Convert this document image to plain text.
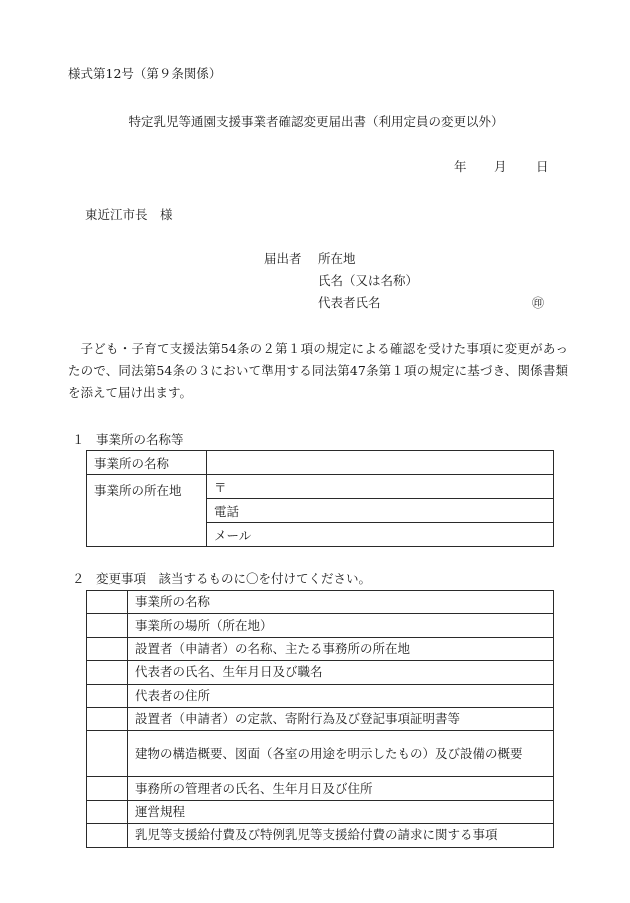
様式第12号（第９条関係）
特定乳児等通園支援事業者確認変更届出書（利用定員の変更以外）
年 月 日
東近江市長　様
届出者 所在地
氏名（又は名称）
代表者氏名	㊞
子ども・子育て支援法第54条の２第１項の規定による確認を受けた事項に変更があったので、同法第54条の３において準用する同法第47条第１項の規定に基づき、関係書類を添えて届け出ます。
１ 事業所の名称等
事業所の名称	
事業所の所在地	〒
	電話
	メール
２ 変更事項　該当するものに〇を付けてください。
	事業所の名称
	事業所の場所（所在地）
	設置者（申請者）の名称、主たる事務所の所在地
	代表者の氏名、生年月日及び職名
	代表者の住所
	設置者（申請者）の定款、寄附行為及び登記事項証明書等
	建物の構造概要、図面（各室の用途を明示したもの）及び設備の概要
	事務所の管理者の氏名、生年月日及び住所
	運営規程
	乳児等支援給付費及び特例乳児等支援給付費の請求に関する事項
